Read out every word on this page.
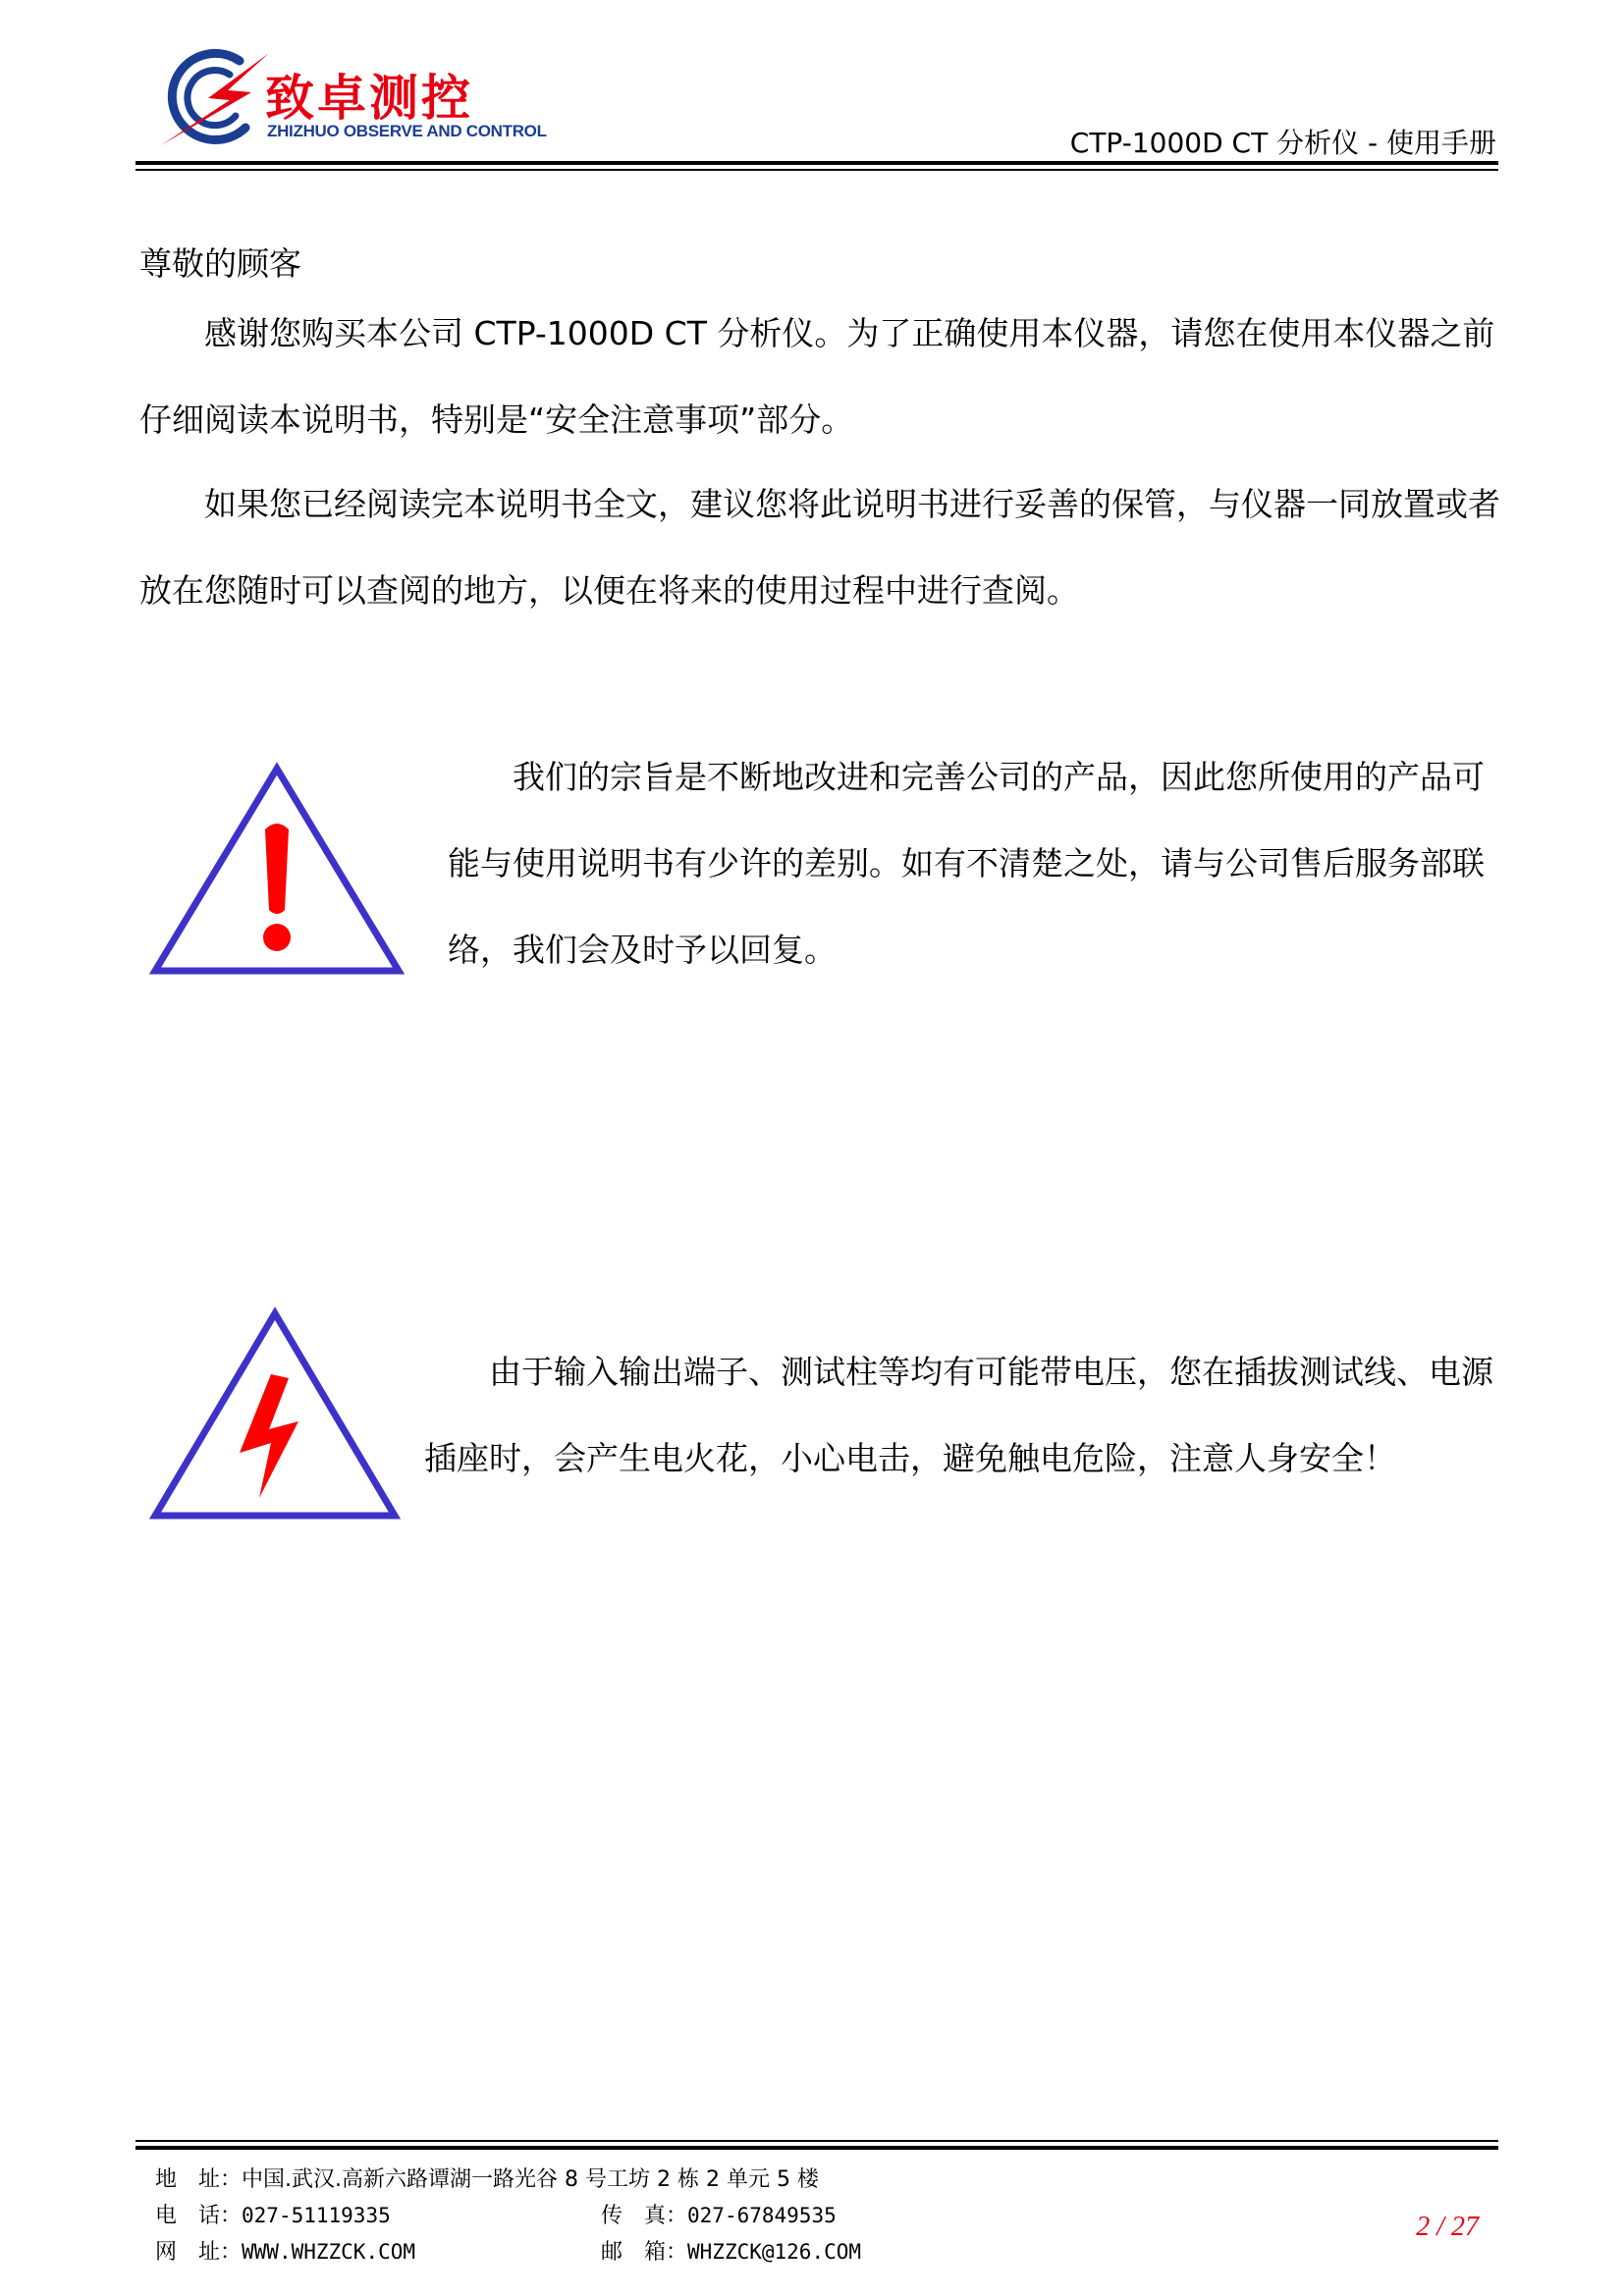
致卓测控
ZHIZHUO OBSERVE AND CONTROL	CTP-1000D CT 分析仪 - 使用手册

尊敬的顾客

感谢您购买本公司 CTP-1000D CT 分析仪。为了正确使用本仪器，请您在使用本仪器之前仔细阅读本说明书，特别是“安全注意事项”部分。

如果您已经阅读完本说明书全文，建议您将此说明书进行妥善的保管，与仪器一同放置或者放在您随时可以查阅的地方，以便在将来的使用过程中进行查阅。

我们的宗旨是不断地改进和完善公司的产品，因此您所使用的产品可能与使用说明书有少许的差别。如有不清楚之处，请与公司售后服务部联络，我们会及时予以回复。

由于输入输出端子、测试柱等均有可能带电压，您在插拔测试线、电源插座时，会产生电火花，小心电击，避免触电危险，注意人身安全！

地　址：中国.武汉.高新六路谭湖一路光谷 8 号工坊 2 栋 2 单元 5 楼
电　话：027-51119335	传　真：027-67849535
网　址：WWW.WHZZCK.COM	邮　箱：WHZZCK@126.COM
2 / 27
